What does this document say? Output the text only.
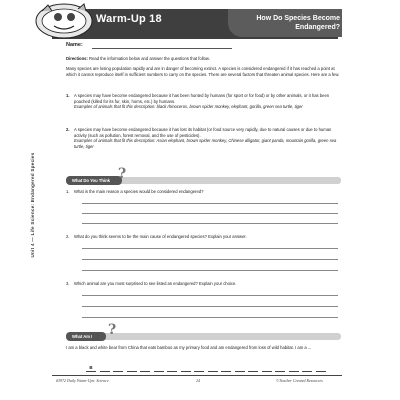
Warm-Up 18	How Do Species Become Endangered?
Unit 4 — Life Science: Endangered Species
Name:
Directions: Read the information below and answer the questions that follow.
Many species are losing population rapidly and are in danger of becoming extinct. A species is considered endangered if it has reached a point at which it cannot reproduce itself in sufficient numbers to carry on the species. There are several factors that threaten animal species. Here are a few.
1. A species may have become endangered because it has been hunted by humans (for sport or for food) or by other animals, or it has been poached (killed for its fur, skin, horns, etc.) by humans.
Examples of animals that fit this description: black rhinoceros, brown spider monkey, elephant, gorilla, green sea turtle, tiger
2. A species may have become endangered because it has lost its habitat (or food source very rapidly, due to natural causes or due to human activity (such as pollution, forest removal, and the use of pesticides).
Examples of animals that fit this description: Asian elephant, brown spider monkey, Chinese alligator, giant panda, mountain gorilla, green sea turtle, tiger
What Do You Think ?
1. What is the main reason a species would be considered endangered?
2. What do you think seems to be the main cause of endangered species? Explain your answer.
3. Which animal are you most surprised to see listed as endangered? Explain your choice.
What Am I ?
I am a black and white bear from China that eats bamboo as my primary food and am endangered from loss of wild habitat. I am a ...
B
#3972 Daily Warm-Ups: Science	24	©Teacher Created Resources
